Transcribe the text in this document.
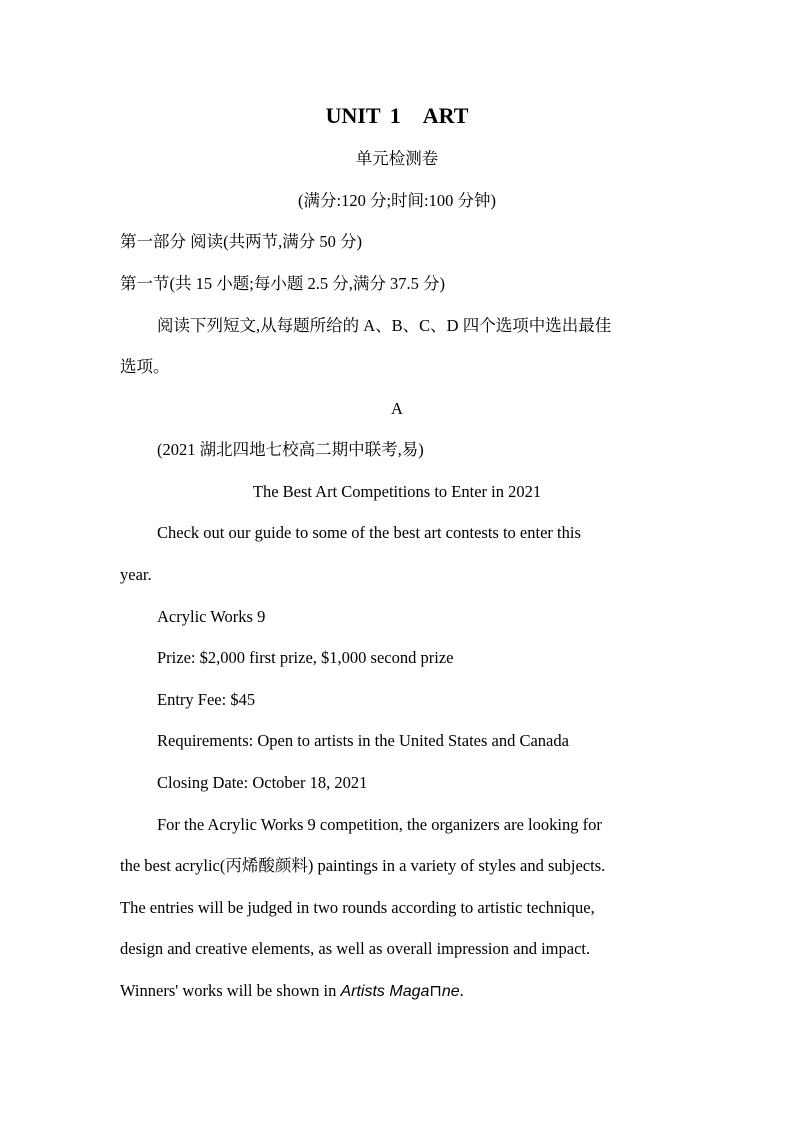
UNIT 1 ART
单元检测卷
(满分:120 分;时间:100 分钟)
第一部分 阅读(共两节,满分 50 分)
第一节(共 15 小题;每小题 2.5 分,满分 37.5 分)
阅读下列短文,从每题所给的 A、B、C、D 四个选项中选出最佳
选项。
A
(2021 湖北四地七校高二期中联考,易)
The Best Art Competitions to Enter in 2021
Check out our guide to some of the best art contests to enter this
year.
Acrylic Works 9
Prize: $2,000 first prize, $1,000 second prize
Entry Fee: $45
Requirements: Open to artists in the United States and Canada
Closing Date: October 18, 2021
For the Acrylic Works 9 competition, the organizers are looking for
the best acrylic(丙烯酸颜料) paintings in a variety of styles and subjects.
The entries will be judged in two rounds according to artistic technique,
design and creative elements, as well as overall impression and impact.
Winners' works will be shown in Artists Maga⊓ne.
